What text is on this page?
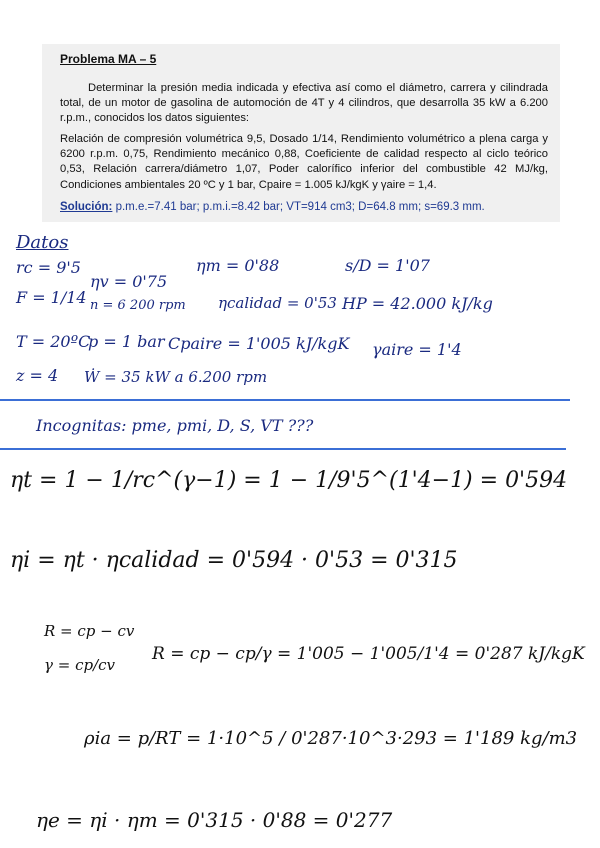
Problema MA – 5
Determinar la presión media indicada y efectiva así como el diámetro, carrera y cilindrada total, de un motor de gasolina de automoción de 4T y 4 cilindros, que desarrolla 35 kW a 6.200 r.p.m., conocidos los datos siguientes:
Relación de compresión volumétrica 9,5, Dosado 1/14, Rendimiento volumétrico a plena carga y 6200 r.p.m. 0,75, Rendimiento mecánico 0,88, Coeficiente de calidad respecto al ciclo teórico 0,53, Relación carrera/diámetro 1,07, Poder calorífico inferior del combustible 42 MJ/kg, Condiciones ambientales 20 ºC y 1 bar, Cpaire = 1.005 kJ/kgK y γaire = 1,4.
Solución: p.m.e.=7.41 bar; p.m.i.=8.42 bar; VT=914 cm3; D=64.8 mm; s=69.3 mm.
Datos
rc = 9'5
F = 1/14
ηv = 0'75
n = 6 200 rpm
ηm = 0'88
ηcalidad = 0'53
s/D = 1'07
HP = 42.000 kJ/kg
T = 20ºC
p = 1 bar Cpaire = 1'005 kJ/kgK γaire = 1'4
z = 4 Ẇ = 35 kW a 6.200 rpm
Incognitas: pme, pmi, D, S, VT ???
ηt = 1 − 1/rc^(γ−1) = 1 − 1/9'5^(1'4−1) = 0'594
ηi = ηt · ηcalidad = 0'594 · 0'53 = 0'315
R = cp − cv
γ = cp/cv
R = cp − cp/γ = 1'005 − 1'005/1'4 = 0'287 kJ/kgK
ρia = p/RT = 1·10^5 / 0'287·10^3·293 = 1'189 kg/m3
ηe = ηi · ηm = 0'315 · 0'88 = 0'277
